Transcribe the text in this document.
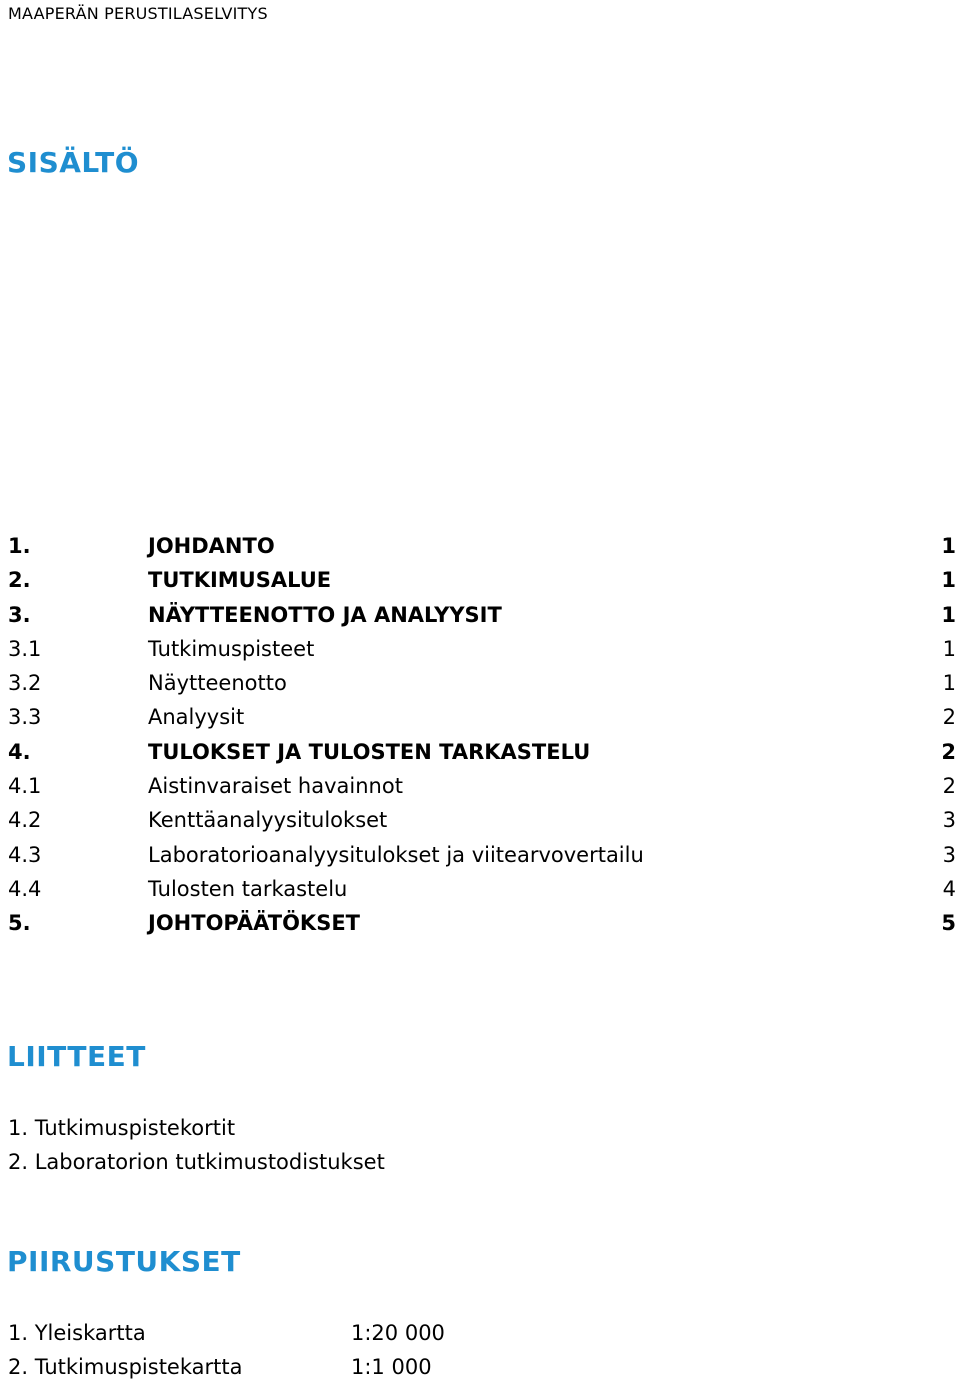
MAAPERÄN PERUSTILASELVITYS
SISÄLTÖ
1.	JOHDANTO	1
2.	TUTKIMUSALUE	1
3.	NÄYTTEENOTTO JA ANALYYSIT	1
3.1	Tutkimuspisteet	1
3.2	Näytteenotto	1
3.3	Analyysit	2
4.	TULOKSET JA TULOSTEN TARKASTELU	2
4.1	Aistinvaraiset havainnot	2
4.2	Kenttäanalyysitulokset	3
4.3	Laboratorioanalyysitulokset ja viitearvovertailu	3
4.4	Tulosten tarkastelu	4
5.	JOHTOPÄÄTÖKSET	5
LIITTEET
1. Tutkimuspistekortit
2. Laboratorion tutkimustodistukset
PIIRUSTUKSET
1. Yleiskartta	1:20 000
2. Tutkimuspistekartta	1:1 000
